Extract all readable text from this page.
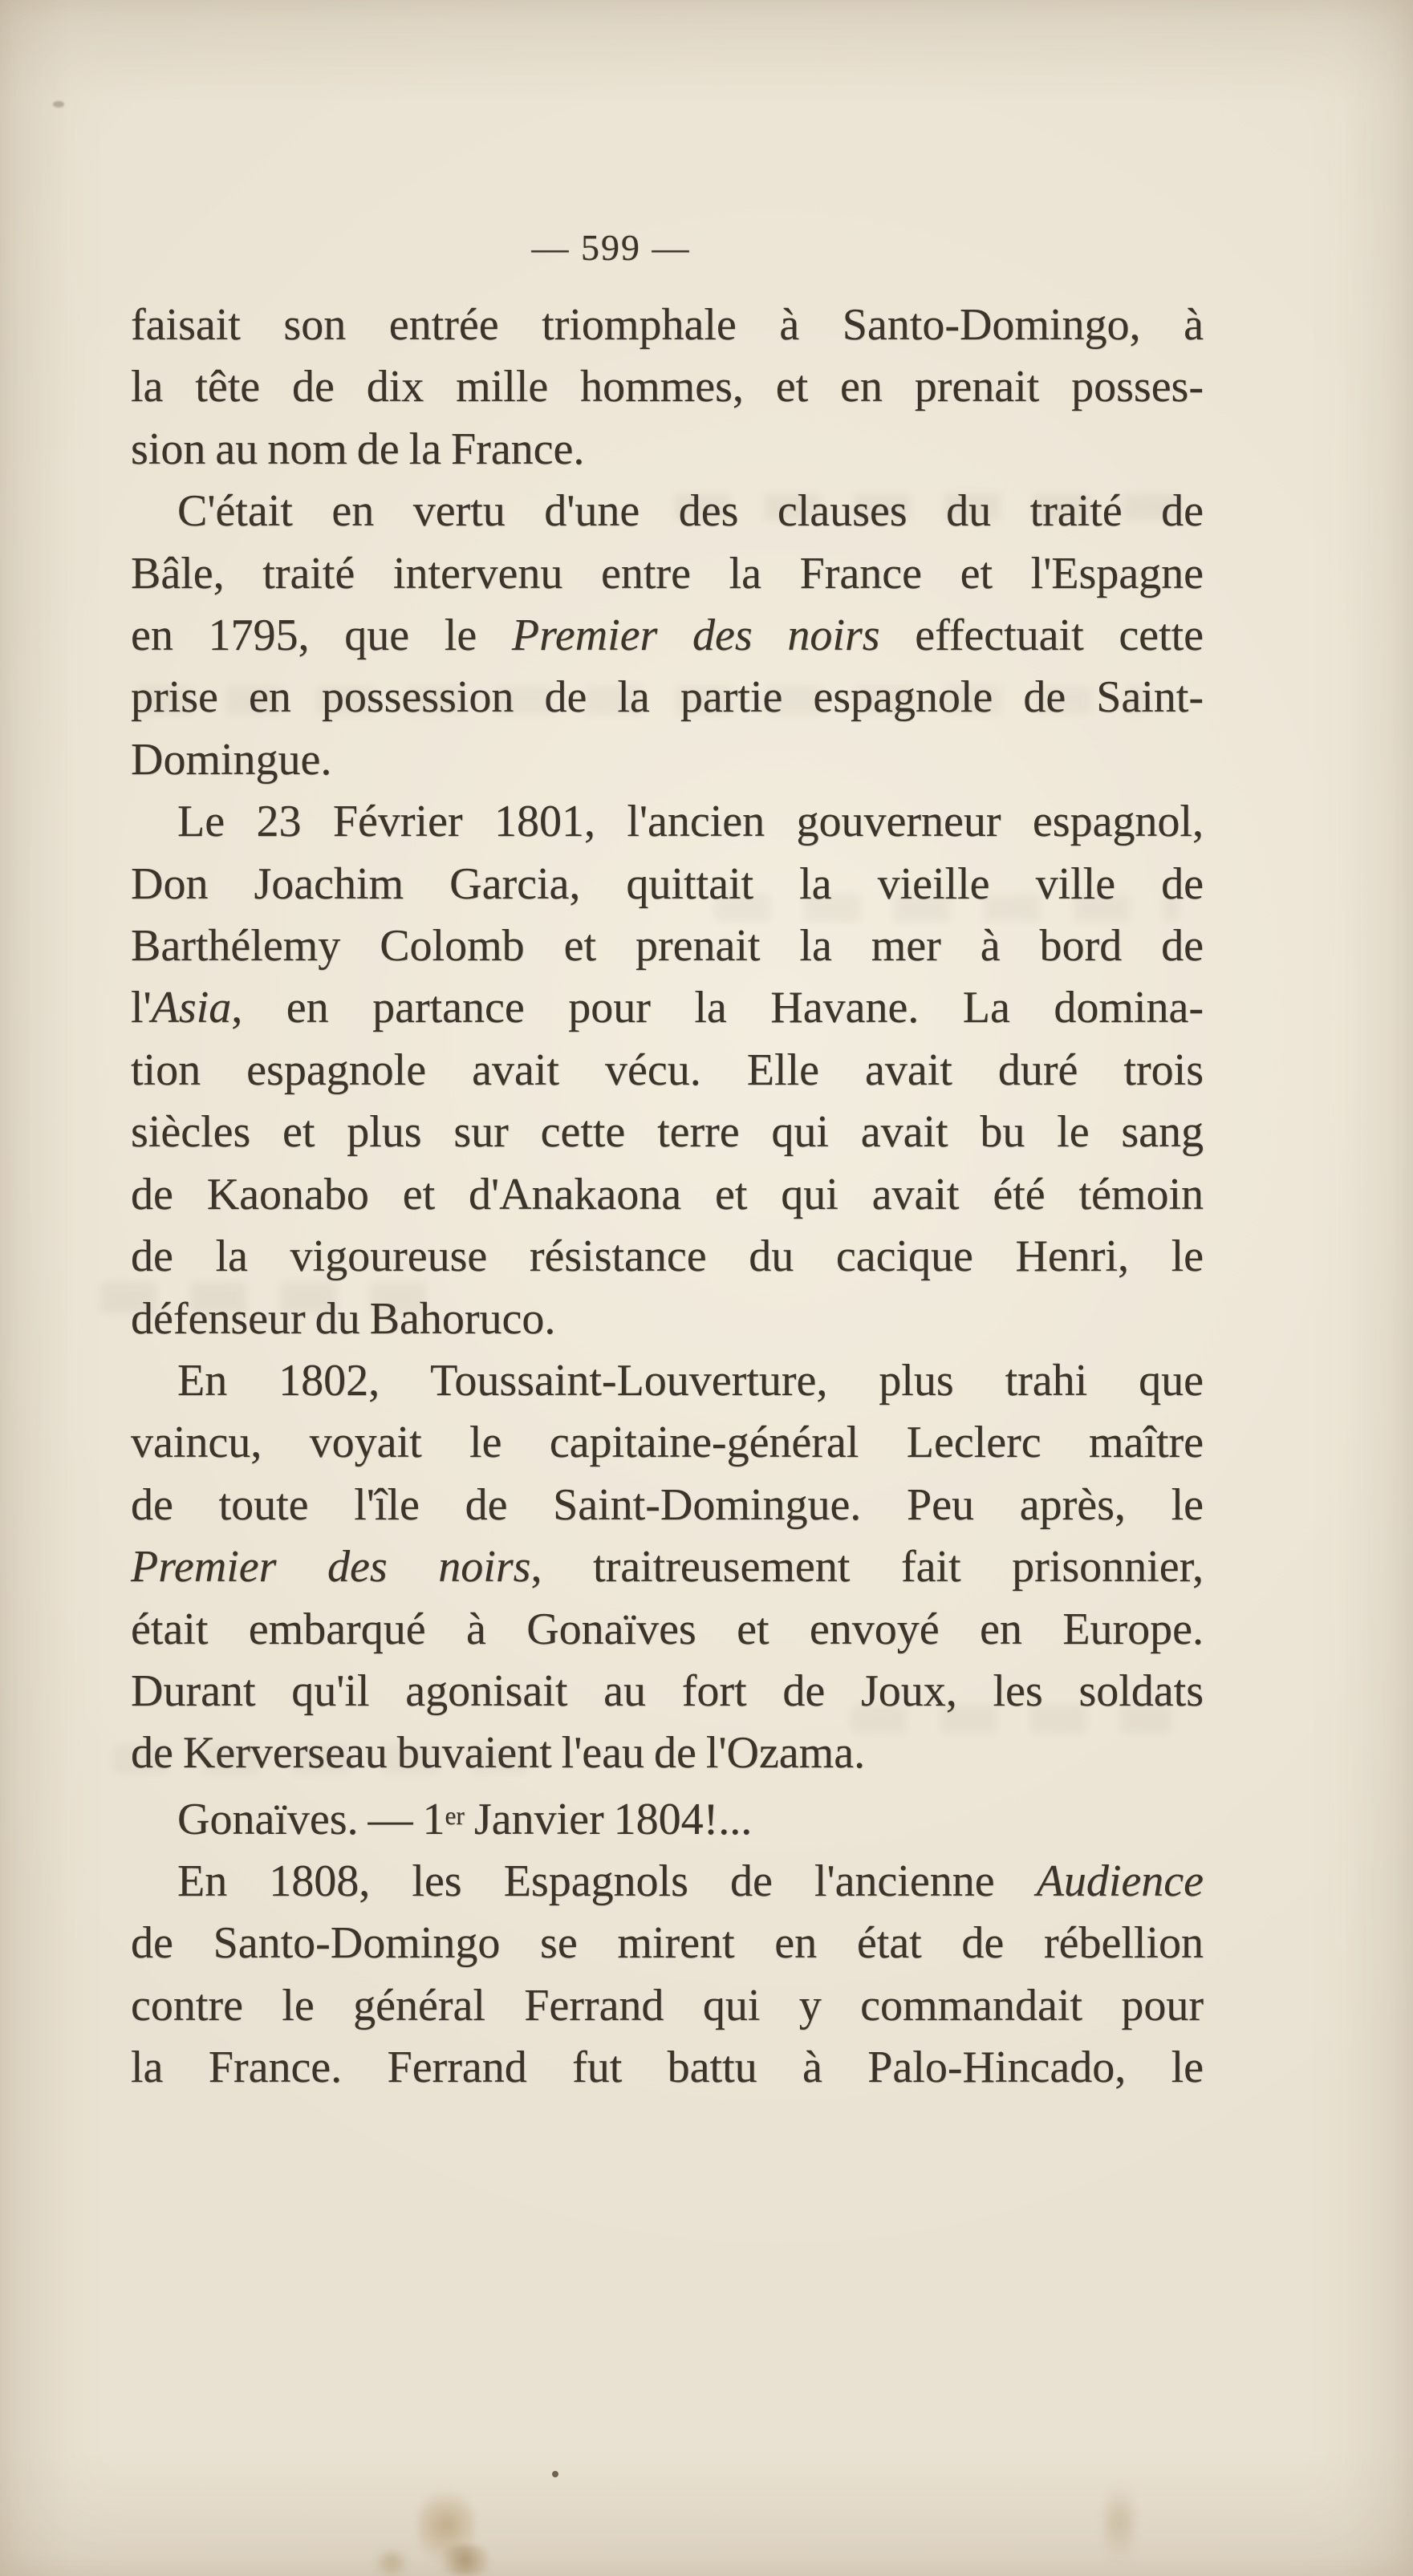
— 599 —
faisait son entrée triomphale à Santo-Domingo, à
la tête de dix mille hommes, et en prenait posses-
sion au nom de la France.
C'était en vertu d'une des clauses du traité de
Bâle, traité intervenu entre la France et l'Espagne
en 1795, que le Premier des noirs effectuait cette
prise en possession de la partie espagnole de Saint-
Domingue.
Le 23 Février 1801, l'ancien gouverneur espagnol,
Don Joachim Garcia, quittait la vieille ville de
Barthélemy Colomb et prenait la mer à bord de
l'Asia, en partance pour la Havane. La domina-
tion espagnole avait vécu. Elle avait duré trois
siècles et plus sur cette terre qui avait bu le sang
de Kaonabo et d'Anakaona et qui avait été témoin
de la vigoureuse résistance du cacique Henri, le
défenseur du Bahoruco.
En 1802, Toussaint-Louverture, plus trahi que
vaincu, voyait le capitaine-général Leclerc maître
de toute l'île de Saint-Domingue. Peu après, le
Premier des noirs, traitreusement fait prisonnier,
était embarqué à Gonaïves et envoyé en Europe.
Durant qu'il agonisait au fort de Joux, les soldats
de Kerverseau buvaient l'eau de l'Ozama.
Gonaïves. — 1er Janvier 1804!...
En 1808, les Espagnols de l'ancienne Audience
de Santo-Domingo se mirent en état de rébellion
contre le général Ferrand qui y commandait pour
la France. Ferrand fut battu à Palo-Hincado, le
